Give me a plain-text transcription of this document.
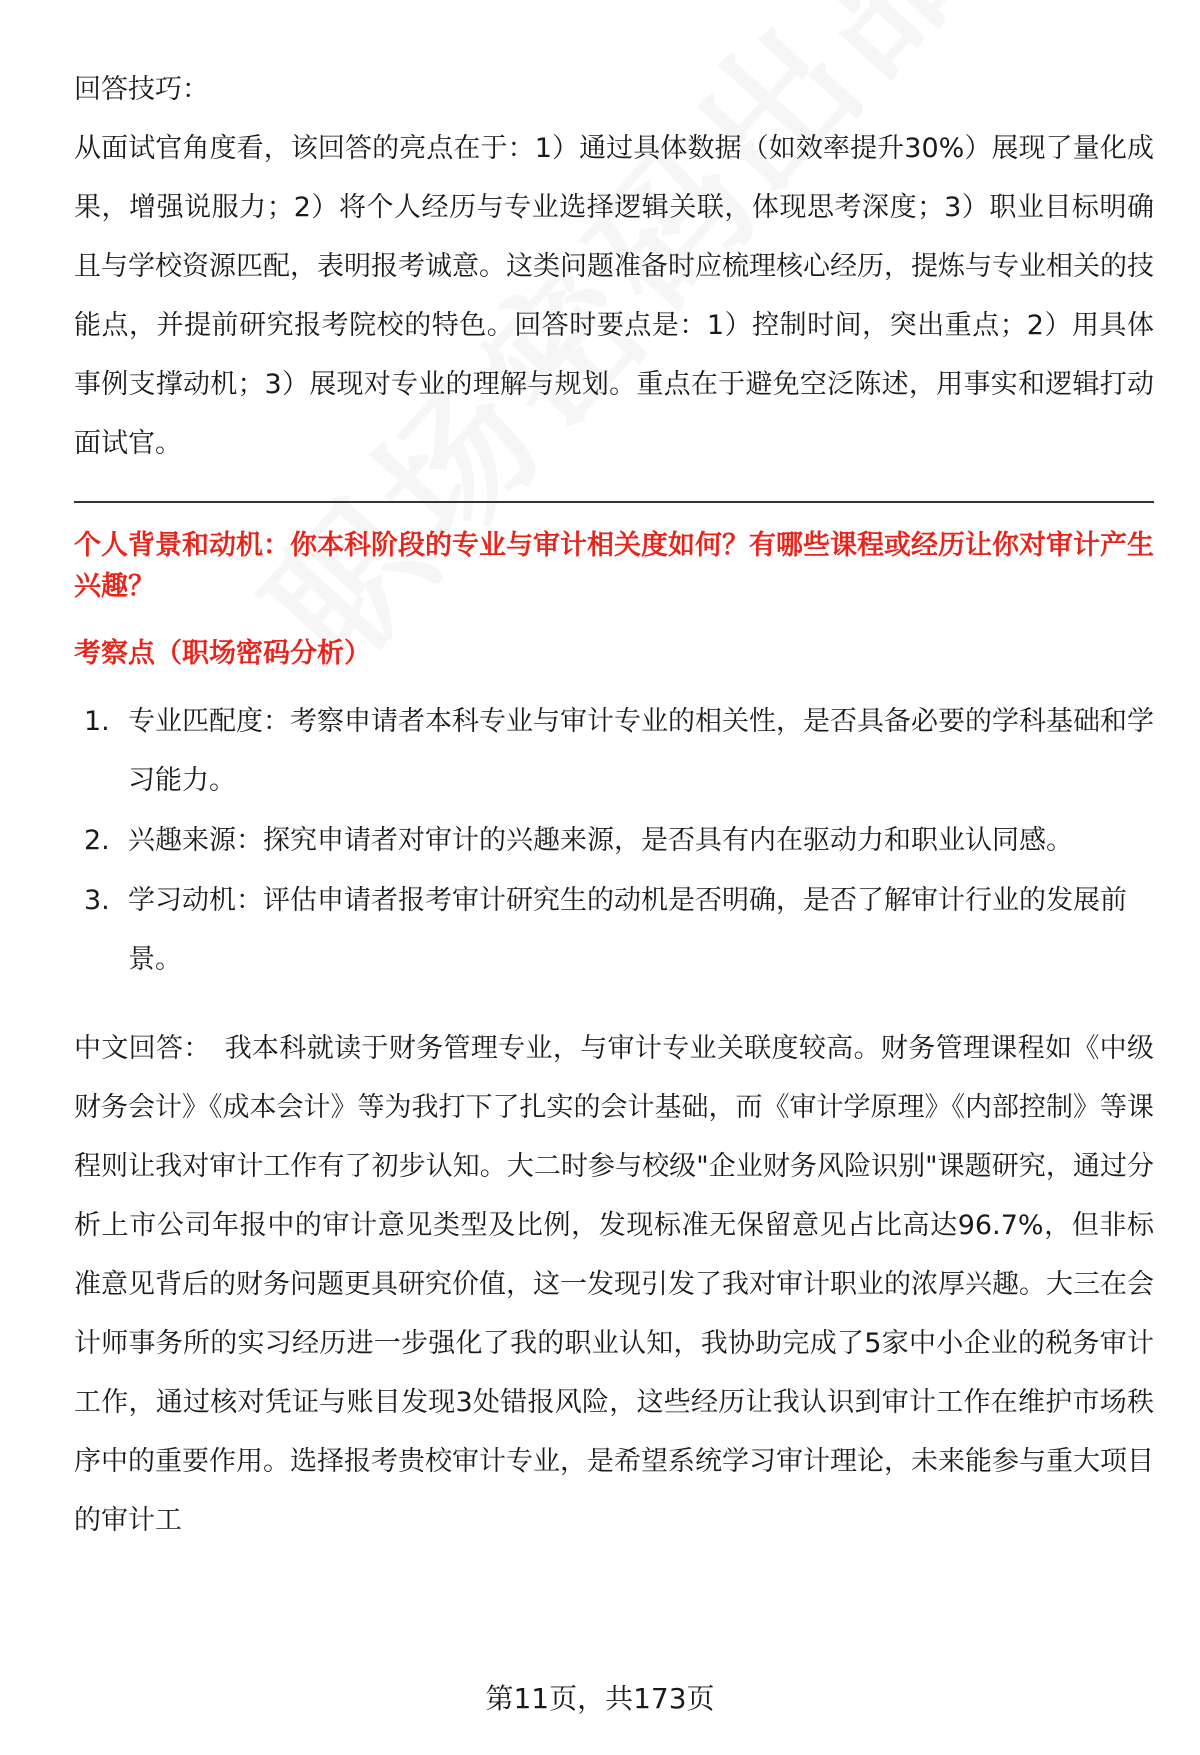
回答技巧：

从面试官角度看，该回答的亮点在于：1）通过具体数据（如效率提升30%）展现了量化成果，增强说服力；2）将个人经历与专业选择逻辑关联，体现思考深度；3）职业目标明确且与学校资源匹配，表明报考诚意。这类问题准备时应梳理核心经历，提炼与专业相关的技能点，并提前研究报考院校的特色。回答时要点是：1）控制时间，突出重点；2）用具体事例支撑动机；3）展现对专业的理解与规划。重点在于避免空泛陈述，用事实和逻辑打动面试官。

个人背景和动机：你本科阶段的专业与审计相关度如何？有哪些课程或经历让你对审计产生兴趣？

考察点（职场密码分析）

1. 专业匹配度：考察申请者本科专业与审计专业的相关性，是否具备必要的学科基础和学习能力。
2. 兴趣来源：探究申请者对审计的兴趣来源，是否具有内在驱动力和职业认同感。
3. 学习动机：评估申请者报考审计研究生的动机是否明确，是否了解审计行业的发展前景。

中文回答： 我本科就读于财务管理专业，与审计专业关联度较高。财务管理课程如《中级财务会计》《成本会计》等为我打下了扎实的会计基础，而《审计学原理》《内部控制》等课程则让我对审计工作有了初步认知。大二时参与校级"企业财务风险识别"课题研究，通过分析上市公司年报中的审计意见类型及比例，发现标准无保留意见占比高达96.7%，但非标准意见背后的财务问题更具研究价值，这一发现引发了我对审计职业的浓厚兴趣。大三在会计师事务所的实习经历进一步强化了我的职业认知，我协助完成了5家中小企业的税务审计工作，通过核对凭证与账目发现3处错报风险，这些经历让我认识到审计工作在维护市场秩序中的重要作用。选择报考贵校审计专业，是希望系统学习审计理论，未来能参与重大项目的审计工

第11页，共173页
